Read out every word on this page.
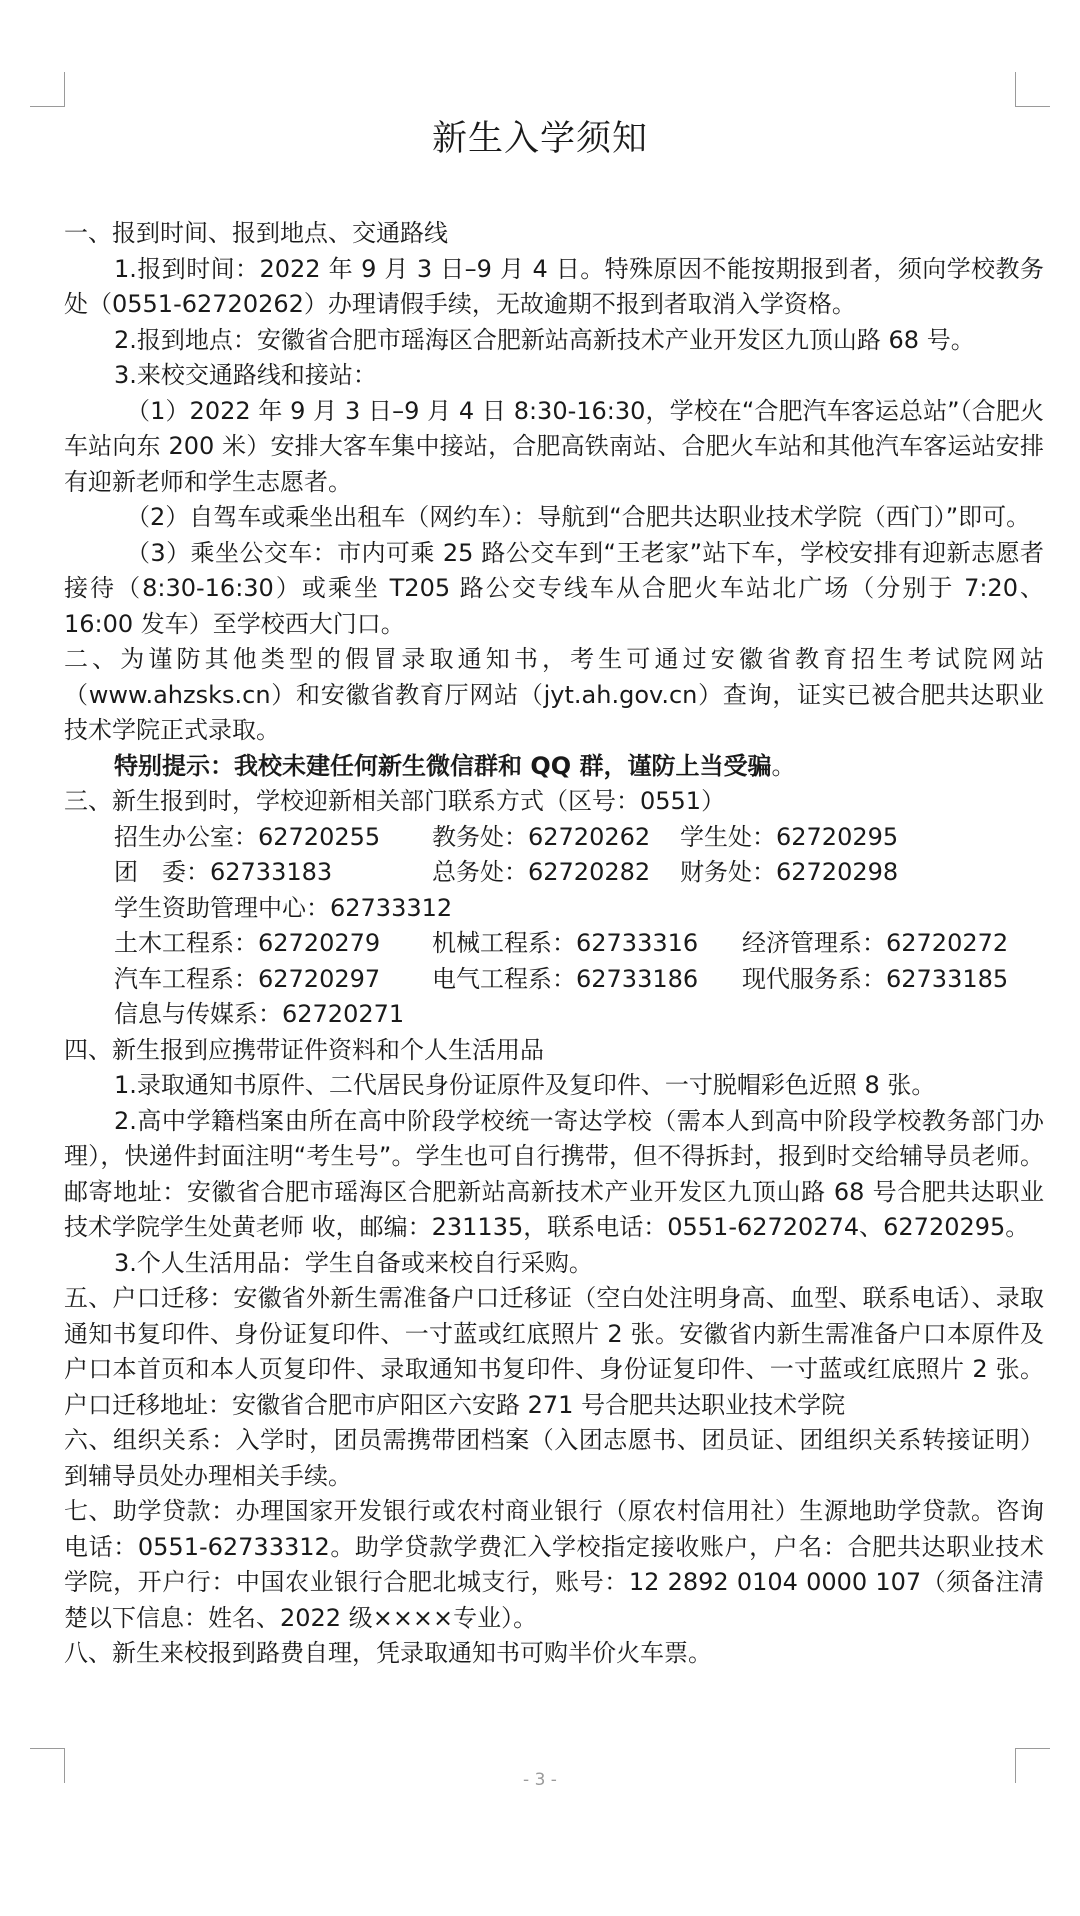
新生入学须知

一、报到时间、报到地点、交通路线

1.报到时间：2022 年 9 月 3 日–9 月 4 日。特殊原因不能按期报到者，须向学校教务处（0551-62720262）办理请假手续，无故逾期不报到者取消入学资格。

2.报到地点：安徽省合肥市瑶海区合肥新站高新技术产业开发区九顶山路 68 号。

3.来校交通路线和接站：

（1）2022 年 9 月 3 日–9 月 4 日 8:30-16:30，学校在“合肥汽车客运总站”（合肥火车站向东 200 米）安排大客车集中接站，合肥高铁南站、合肥火车站和其他汽车客运站安排有迎新老师和学生志愿者。

（2）自驾车或乘坐出租车（网约车）：导航到“合肥共达职业技术学院（西门）”即可。

（3）乘坐公交车：市内可乘 25 路公交车到“王老家”站下车，学校安排有迎新志愿者接待（8:30-16:30）或乘坐 T205 路公交专线车从合肥火车站北广场（分别于 7:20、16:00 发车）至学校西大门口。

二、为谨防其他类型的假冒录取通知书，考生可通过安徽省教育招生考试院网站（www.ahzsks.cn）和安徽省教育厅网站（jyt.ah.gov.cn）查询，证实已被合肥共达职业技术学院正式录取。

特别提示：我校未建任何新生微信群和 QQ 群，谨防上当受骗。

三、新生报到时，学校迎新相关部门联系方式（区号：0551）

招生办公室：62720255	教务处：62720262	学生处：62720295
团　委：62733183	总务处：62720282	财务处：62720298
学生资助管理中心：62733312
土木工程系：62720279	机械工程系：62733316	经济管理系：62720272
汽车工程系：62720297	电气工程系：62733186	现代服务系：62733185
信息与传媒系：62720271

四、新生报到应携带证件资料和个人生活用品

1.录取通知书原件、二代居民身份证原件及复印件、一寸脱帽彩色近照 8 张。

2.高中学籍档案由所在高中阶段学校统一寄达学校（需本人到高中阶段学校教务部门办理），快递件封面注明“考生号”。学生也可自行携带，但不得拆封，报到时交给辅导员老师。邮寄地址：安徽省合肥市瑶海区合肥新站高新技术产业开发区九顶山路 68 号合肥共达职业技术学院学生处黄老师 收，邮编：231135，联系电话：0551-62720274、62720295。

3.个人生活用品：学生自备或来校自行采购。

五、户口迁移：安徽省外新生需准备户口迁移证（空白处注明身高、血型、联系电话）、录取通知书复印件、身份证复印件、一寸蓝或红底照片 2 张。安徽省内新生需准备户口本原件及户口本首页和本人页复印件、录取通知书复印件、身份证复印件、一寸蓝或红底照片 2 张。户口迁移地址：安徽省合肥市庐阳区六安路 271 号合肥共达职业技术学院

六、组织关系：入学时，团员需携带团档案（入团志愿书、团员证、团组织关系转接证明）到辅导员处办理相关手续。

七、助学贷款：办理国家开发银行或农村商业银行（原农村信用社）生源地助学贷款。咨询电话：0551-62733312。助学贷款学费汇入学校指定接收账户，户名：合肥共达职业技术学院，开户行：中国农业银行合肥北城支行，账号：12 2892 0104 0000 107（须备注清楚以下信息：姓名、2022 级××××专业）。

八、新生来校报到路费自理，凭录取通知书可购半价火车票。

- 3 -
